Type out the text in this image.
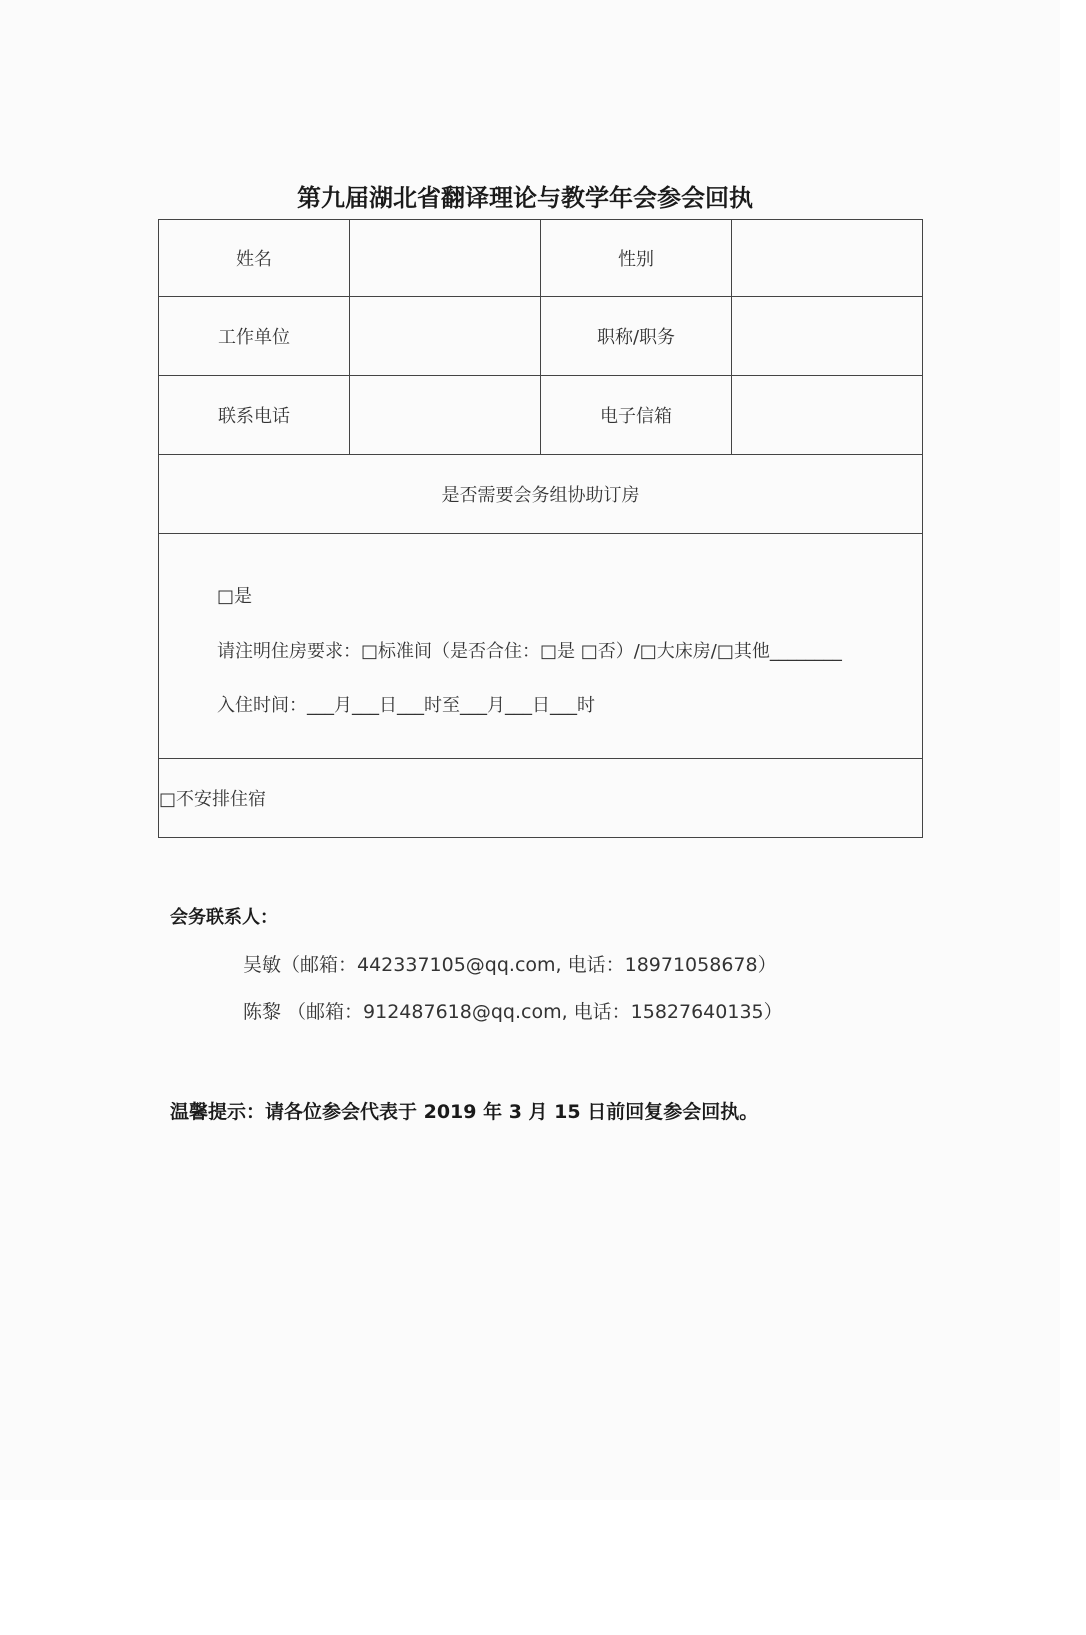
第九届湖北省翻译理论与教学年会参会回执
姓名		性别	
工作单位		职称/职务	
联系电话		电子信箱	
是否需要会务组协助订房			

□是
请注明住房要求：□标准间（是否合住：□是 □否）/□大床房/□其他________
入住时间：___月___日___时至___月___日___时			

□不安排住宿			
会务联系人：
吴敏（邮箱：442337105@qq.com, 电话：18971058678）
陈黎 （邮箱：912487618@qq.com, 电话：15827640135）
温馨提示：请各位参会代表于 2019 年 3 月 15 日前回复参会回执。
